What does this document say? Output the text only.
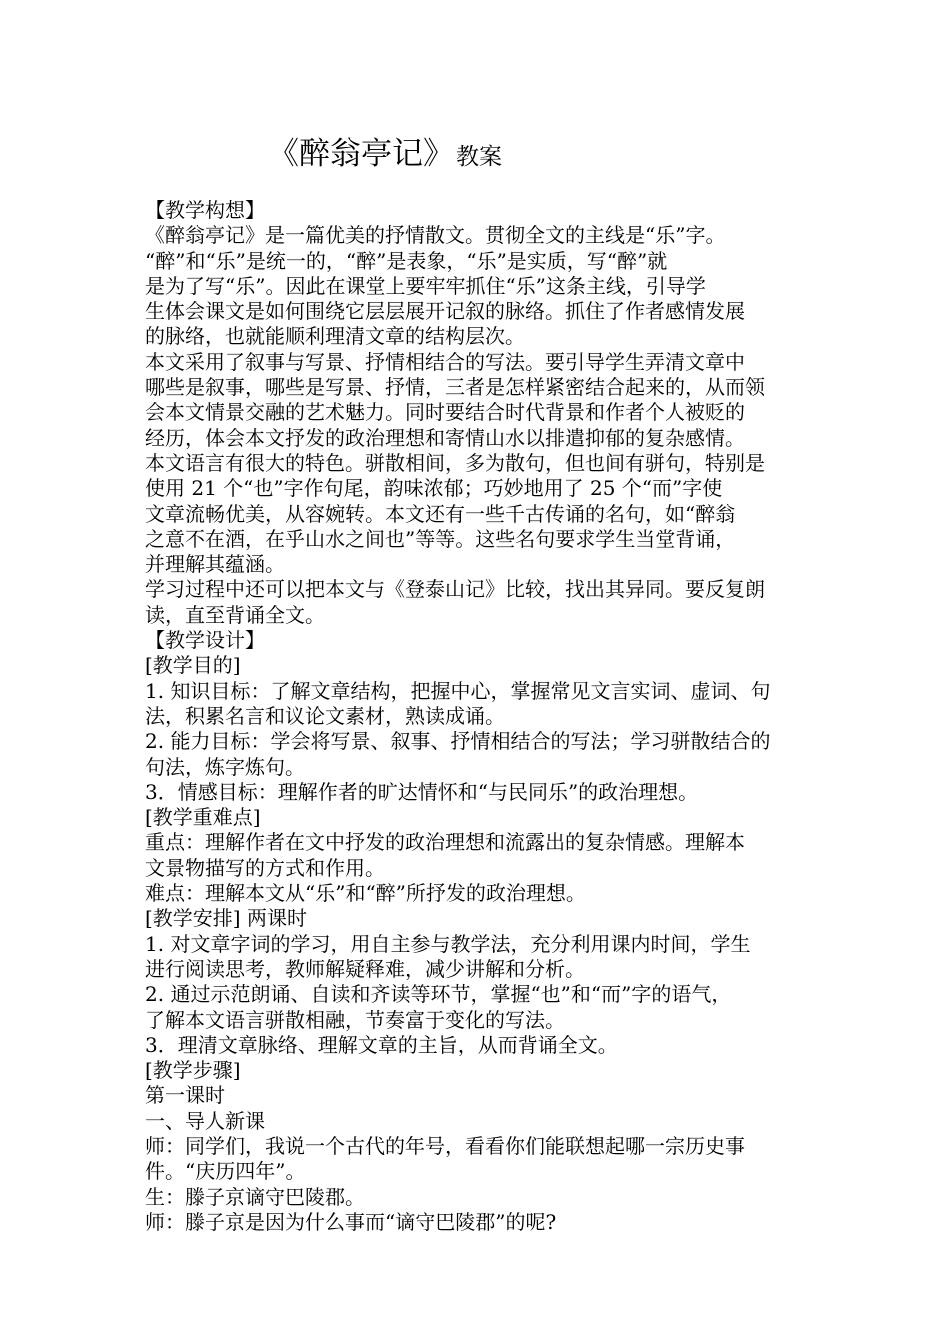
《醉翁亭记》教案
【教学构想】
《醉翁亭记》是一篇优美的抒情散文。贯彻全文的主线是“乐”字。
“醉”和“乐”是统一的，“醉”是表象，“乐”是实质，写“醉”就
是为了写“乐”。因此在课堂上要牢牢抓住“乐”这条主线，引导学
生体会课文是如何围绕它层层展开记叙的脉络。抓住了作者感情发展
的脉络，也就能顺利理清文章的结构层次。
本文采用了叙事与写景、抒情相结合的写法。要引导学生弄清文章中
哪些是叙事，哪些是写景、抒情，三者是怎样紧密结合起来的，从而领
会本文情景交融的艺术魅力。同时要结合时代背景和作者个人被贬的
经历，体会本文抒发的政治理想和寄情山水以排遣抑郁的复杂感情。
本文语言有很大的特色。骈散相间，多为散句，但也间有骈句，特别是
使用 21 个“也”字作句尾，韵味浓郁；巧妙地用了 25 个“而”字使
文章流畅优美，从容婉转。本文还有一些千古传诵的名句，如“醉翁
之意不在酒，在乎山水之间也”等等。这些名句要求学生当堂背诵，
并理解其蕴涵。
学习过程中还可以把本文与《登泰山记》比较，找出其异同。要反复朗
读，直至背诵全文。
【教学设计】
[教学目的]
1. 知识目标：了解文章结构，把握中心，掌握常见文言实词、虚词、句
法，积累名言和议论文素材，熟读成诵。
2. 能力目标：学会将写景、叙事、抒情相结合的写法；学习骈散结合的
句法，炼字炼句。
3．情感目标：理解作者的旷达情怀和“与民同乐”的政治理想。
[教学重难点]
重点：理解作者在文中抒发的政治理想和流露出的复杂情感。理解本
文景物描写的方式和作用。
难点：理解本文从“乐”和“醉”所抒发的政治理想。
[教学安排] 两课时
1. 对文章字词的学习，用自主参与教学法，充分利用课内时间，学生
进行阅读思考，教师解疑释难，减少讲解和分析。
2. 通过示范朗诵、自读和齐读等环节，掌握“也”和“而”字的语气，
了解本文语言骈散相融，节奏富于变化的写法。
3．理清文章脉络、理解文章的主旨，从而背诵全文。
[教学步骤]
第一课时
一、导人新课
师：同学们，我说一个古代的年号，看看你们能联想起哪一宗历史事
件。“庆历四年”。
生：滕子京谪守巴陵郡。
师：滕子京是因为什么事而“谪守巴陵郡”的呢?
